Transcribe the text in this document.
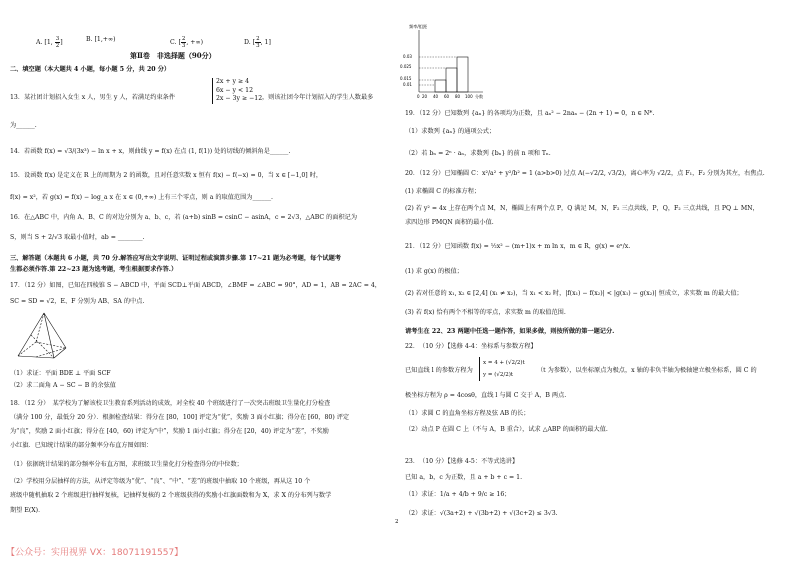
A. [1, $\frac{3}{2}$ ]	B. [1,+∞)	C. [ $\frac{2}{3}$ , +∞)	D. [ $\frac{2}{3}$ , 1]
第Ⅱ卷　非选择题（90分）
二、填空题（本大题共 4 小题，每小题 5 分，共 20 分）
13．某社团计划招入女生 x 人，男生 y 人，若满足约束条件
2x + y ≥ 4
6x − y < 12
2x − 3y ≥ −12 ，则该社团今年计划招入的学生人数最多
为______.
14．若函数 f(x) = √3/(3x³) − ln x + x，则曲线 y = f(x) 在点 (1, f(1)) 处的切线的倾斜角是______.
15．设函数 f(x) 是定义在 R 上的周期为 2 的函数，且对任意实数 x 恒有 f(x) − f(−x) = 0，当 x ∈ [−1,0] 时，
f(x) = x²，若 g(x) = f(x) − log_a x 在 x ∈ (0,+∞) 上有三个零点，则 a 的取值范围为______.
16．在△ABC 中，内角 A、B、C 的对边分别为 a、b、c，若 (a+b) sinB = csinC − asinA，c = 2√3，△ABC 的面积记为
S，则当 S + 2/√3 取最小值时，ab = ________.
三、解答题（本题共 6 小题，共 70 分.解答应写出文字说明、证明过程或演算步骤.第 17~21 题为必考题，每个试题考
生都必须作答.第 22~23 题为选考题，考生根据要求作答.）
17．（12 分）如图，已知在四棱锥 S − ABCD 中，平面 SCD⊥平面 ABCD，∠BMF = ∠ABC = 90°，AD = 1，AB = 2AC = 4，
SC = SD = √2，E、F 分别为 AB、SA 的中点.
（1）求证：平面 BDE ⊥ 平面 SCF
（2）求二面角 A − SC − B 的余弦值
18．（12 分）　某学校为了解该校卫生教育系列活动的成效，对全校 40 个班级进行了一次突击班级卫生量化打分检查
（满分 100 分，最低分 20 分）．根据检查结果：得分在 [80，100] 评定为“优”，奖励 3 面小红旗；得分在 [60，80) 评定
为“良”，奖励 2 面小红旗；得分在 [40，60) 评定为“中”，奖励 1 面小红旗；得分在 [20，40) 评定为“差”，不奖励
小红旗．已知统计结果的部分频率分布直方图如图：
（1）依据统计结果的部分频率分布直方图，求班级卫生量化打分检查得分的中位数；
（2）学校用分层抽样的方法，从评定等级为“优”、“良”、“中”、“差”的班级中抽取 10 个班级，再从这 10 个
班级中随机抽取 2 个班级进行抽样复核，记抽样复核的 2 个班级获得的奖励小红旗面数和为 X，求 X 的分布列与数学
期望 E(X)．
频率/组距
0.03
0.025
0.015
0.01
0 20 40 60 80 100 分数
19．（12 分）已知数列 {aₙ} 的各项均为正数，且 aₙ² − 2naₙ − (2n + 1) = 0，n ∈ N*.
（1）求数列 {aₙ} 的通项公式；
（2）若 bₙ = 2ⁿ · aₙ，求数列 {bₙ} 的前 n 项和 Tₙ.
20．（12 分）已知椭圆 C：x²/a² + y²/b² = 1 (a>b>0) 过点 A(−√2/2, √3/2)，离心率为 √2/2，点 F₁，F₂ 分别为其左，右焦点.
(1) 求椭圆 C 的标准方程；
(2) 若 y² = 4x 上存在两个点 M，N，椭圆上有两个点 P，Q 满足 M，N，F₂ 三点共线，P，Q，F₂ 三点共线，且 PQ ⊥ MN，
求四边形 PMQN 面积的最小值.
21．（12 分）已知函数 f(x) = ½x² − (m+1)x + m ln x，m ∈ R，g(x) = eˣ/x.
(1) 求 g(x) 的极值；
(2) 若对任意的 x₁, x₂ ∈ [2,4] (x₁ ≠ x₂)，当 x₁ < x₂ 时，|f(x₁) − f(x₂)| < |g(x₁) − g(x₂)| 恒成立，求实数 m 的最大值；
(3) 若 f(x) 恰有两个不相等的零点，求实数 m 的取值范围.
请考生在 22、23 两题中任选一题作答，如果多做，则按所做的第一题记分.
22．　（10 分）【选修 4-4：坐标系与参数方程】
已知直线 l 的参数方程为
x = 4 + (√2/2)t
y = (√2/2)t
（t 为参数），以坐标原点为极点，x 轴的非负半轴为极轴建立极坐标系，圆 C 的
极坐标方程为 ρ = 4cosθ，直线 l 与圆 C 交于 A，B 两点.
（1）求圆 C 的直角坐标方程及弦 AB 的长；
（2）动点 P 在圆 C 上（不与 A，B 重合），试求 △ABP 的面积的最大值.
23．　（10 分）【选修 4-5：不等式选讲】
已知 a，b，c 为正数，且 a + b + c = 1.
（1）求证：1/a + 4/b + 9/c ≥ 16；
（2）求证：√(3a+2) + √(3b+2) + √(3c+2) ≤ 3√3.
2
【公众号：实用视界 VX：18071191557】
